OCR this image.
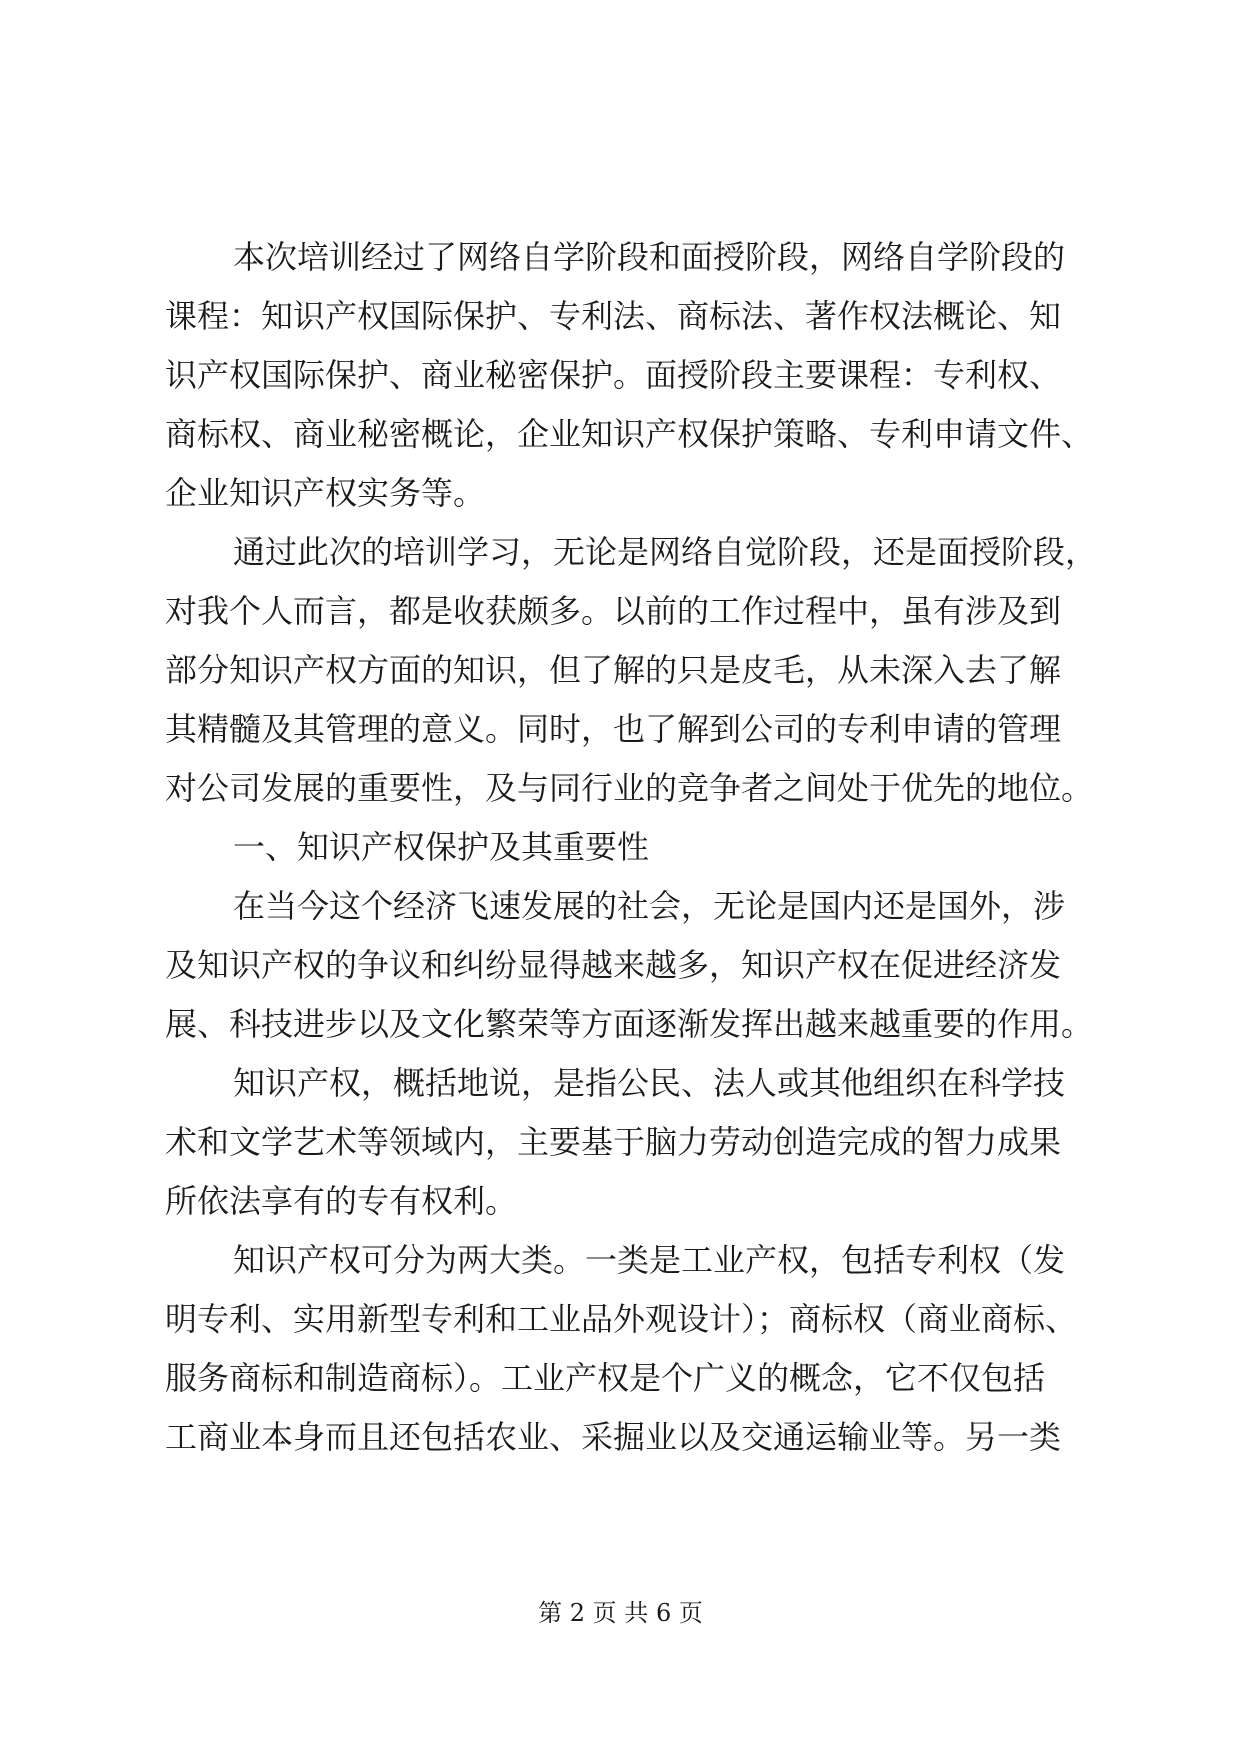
本次培训经过了网络自学阶段和面授阶段，网络自学阶段的
课程：知识产权国际保护、专利法、商标法、著作权法概论、知
识产权国际保护、商业秘密保护。面授阶段主要课程：专利权、
商标权、商业秘密概论，企业知识产权保护策略、专利申请文件、
企业知识产权实务等。
通过此次的培训学习，无论是网络自觉阶段，还是面授阶段，
对我个人而言，都是收获颇多。以前的工作过程中，虽有涉及到
部分知识产权方面的知识，但了解的只是皮毛，从未深入去了解
其精髓及其管理的意义。同时，也了解到公司的专利申请的管理
对公司发展的重要性，及与同行业的竞争者之间处于优先的地位。
一、知识产权保护及其重要性
在当今这个经济飞速发展的社会，无论是国内还是国外，涉
及知识产权的争议和纠纷显得越来越多，知识产权在促进经济发
展、科技进步以及文化繁荣等方面逐渐发挥出越来越重要的作用。
知识产权，概括地说，是指公民、法人或其他组织在科学技
术和文学艺术等领域内，主要基于脑力劳动创造完成的智力成果
所依法享有的专有权利。
知识产权可分为两大类。一类是工业产权，包括专利权（发
明专利、实用新型专利和工业品外观设计）；商标权（商业商标、
服务商标和制造商标）。工业产权是个广义的概念，它不仅包括
工商业本身而且还包括农业、采掘业以及交通运输业等。另一类
第 2 页 共 6 页
